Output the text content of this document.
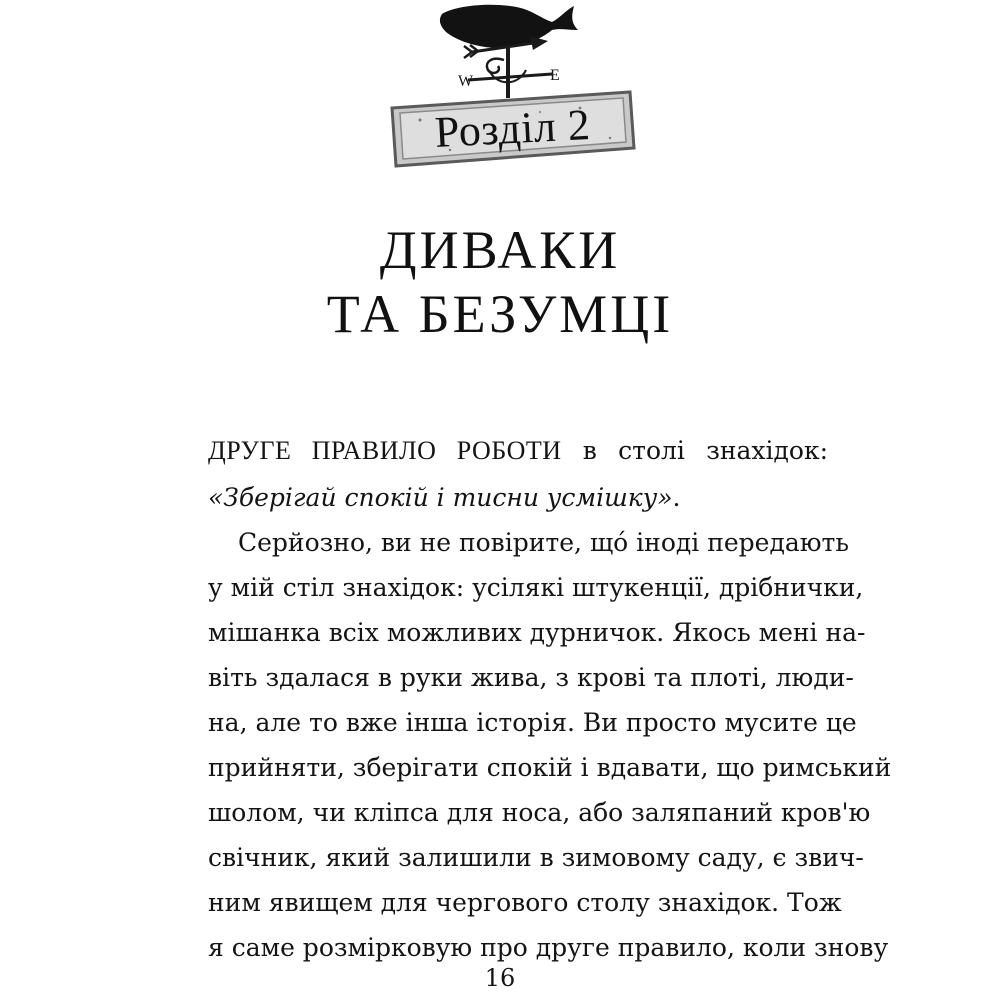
W	E
Розділ 2
ДИВАКИ
ТА БЕЗУМЦІ
ДРУГЕ ПРАВИЛО РОБОТИ в столі знахідок:
«Зберігай спокій і тисни усмішку».
Серйозно, ви не повірите, щó іноді передають
у мій стіл знахідок: усілякі штукенції, дрібнички,
мішанка всіх можливих дурничок. Якось мені на-
віть здалася в руки жива, з крові та плоті, люди-
на, але то вже інша історія. Ви просто мусите це
прийняти, зберігати спокій і вдавати, що римський
шолом, чи кліпса для носа, або заляпаний кров'ю
свічник, який залишили в зимовому саду, є звич-
ним явищем для чергового столу знахідок. Тож
я саме розмірковую про друге правило, коли знову
16
